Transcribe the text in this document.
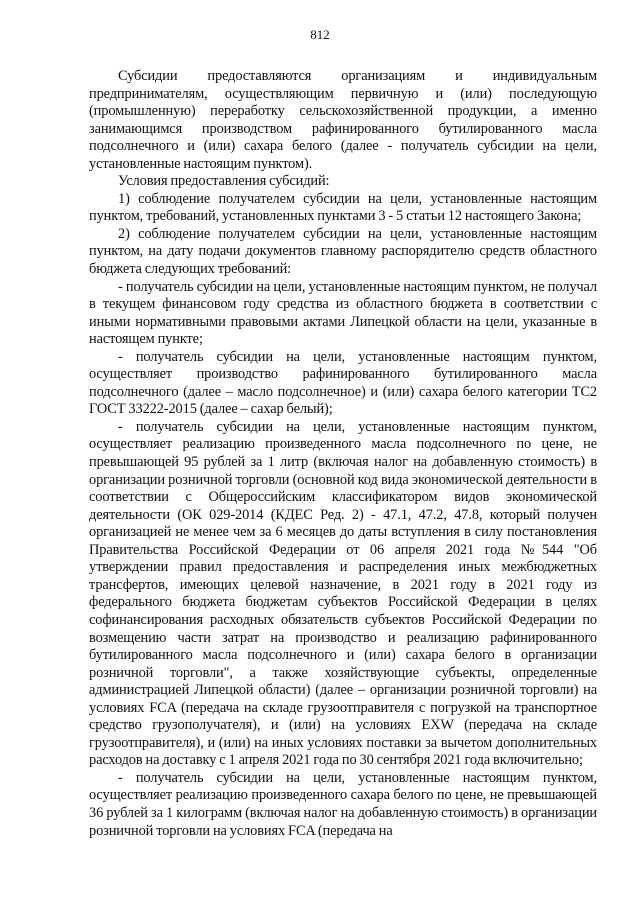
812

Субсидии предоставляются организациям и индивидуальным предпринимателям, осуществляющим первичную и (или) последующую (промышленную) переработку сельскохозяйственной продукции, а именно занимающимся производством рафинированного бутилированного масла подсолнечного и (или) сахара белого (далее - получатель субсидии на цели, установленные настоящим пунктом).

Условия предоставления субсидий:

1) соблюдение получателем субсидии на цели, установленные настоящим пунктом, требований, установленных пунктами 3 - 5 статьи 12 настоящего Закона;

2) соблюдение получателем субсидии на цели, установленные настоящим пунктом, на дату подачи документов главному распорядителю средств областного бюджета следующих требований:

- получатель субсидии на цели, установленные настоящим пунктом, не получал в текущем финансовом году средства из областного бюджета в соответствии с иными нормативными правовыми актами Липецкой области на цели, указанные в настоящем пункте;

- получатель субсидии на цели, установленные настоящим пунктом, осуществляет производство рафинированного бутилированного масла подсолнечного (далее – масло подсолнечное) и (или) сахара белого категории ТС2 ГОСТ 33222-2015 (далее – сахар белый);

- получатель субсидии на цели, установленные настоящим пунктом, осуществляет реализацию произведенного масла подсолнечного по цене, не превышающей 95 рублей за 1 литр (включая налог на добавленную стоимость) в организации розничной торговли (основной код вида экономической деятельности в соответствии с Общероссийским классификатором видов экономической деятельности (ОК 029-2014 (КДЕС Ред. 2) - 47.1, 47.2, 47.8, который получен организацией не менее чем за 6 месяцев до даты вступления в силу постановления Правительства Российской Федерации от 06 апреля 2021 года №544 "Об утверждении правил предоставления и распределения иных межбюджетных трансфертов, имеющих целевой назначение, в 2021 году в 2021 году из федерального бюджета бюджетам субъектов Российской Федерации в целях софинансирования расходных обязательств субъектов Российской Федерации по возмещению части затрат на производство и реализацию рафинированного бутилированного масла подсолнечного и (или) сахара белого в организации розничной торговли", а также хозяйствующие субъекты, определенные администрацией Липецкой области) (далее – организации розничной торговли) на условиях FCA (передача на складе грузоотправителя с погрузкой на транспортное средство грузополучателя), и (или) на условиях EXW (передача на складе грузоотправителя), и (или) на иных условиях поставки за вычетом дополнительных расходов на доставку с 1 апреля 2021 года по 30 сентября 2021 года включительно;

- получатель субсидии на цели, установленные настоящим пунктом, осуществляет реализацию произведенного сахара белого по цене, не превышающей 36 рублей за 1 килограмм (включая налог на добавленную стоимость) в организации розничной торговли на условиях FCA (передача на
